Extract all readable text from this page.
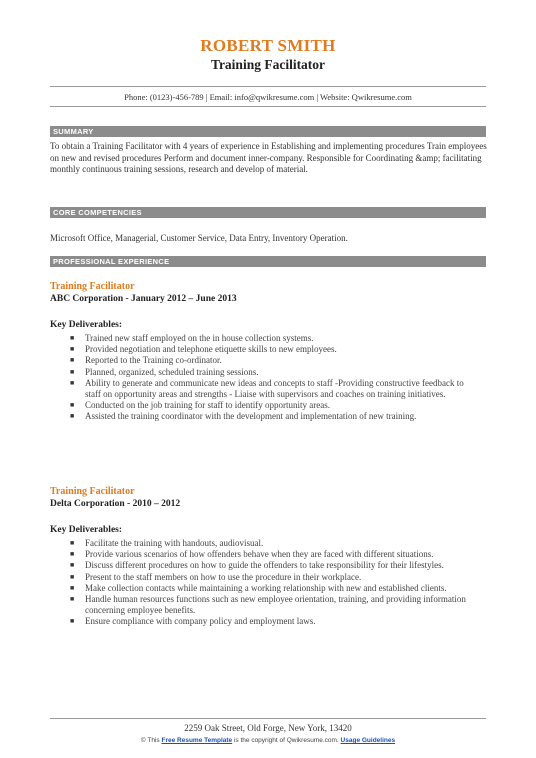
ROBERT SMITH
Training Facilitator
Phone: (0123)-456-789 | Email: info@qwikresume.com | Website: Qwikresume.com
SUMMARY
To obtain a Training Facilitator with 4 years of experience in Establishing and implementing procedures Train employees on new and revised procedures Perform and document inner-company. Responsible for Coordinating &amp; facilitating monthly continuous training sessions, research and develop of material.
CORE COMPETENCIES
Microsoft Office, Managerial, Customer Service, Data Entry, Inventory Operation.
PROFESSIONAL EXPERIENCE
Training Facilitator
ABC Corporation - January 2012 – June 2013
Key Deliverables:
■ Trained new staff employed on the in house collection systems.
■ Provided negotiation and telephone etiquette skills to new employees.
■ Reported to the Training co-ordinator.
■ Planned, organized, scheduled training sessions.
■ Ability to generate and communicate new ideas and concepts to staff -Providing constructive feedback to staff on opportunity areas and strengths - Liaise with supervisors and coaches on training initiatives.
■ Conducted on the job training for staff to identify opportunity areas.
■ Assisted the training coordinator with the development and implementation of new training.
Training Facilitator
Delta Corporation - 2010 – 2012
Key Deliverables:
■ Facilitate the training with handouts, audiovisual.
■ Provide various scenarios of how offenders behave when they are faced with different situations.
■ Discuss different procedures on how to guide the offenders to take responsibility for their lifestyles.
■ Present to the staff members on how to use the procedure in their workplace.
■ Make collection contacts while maintaining a working relationship with new and established clients.
■ Handle human resources functions such as new employee orientation, training, and providing information concerning employee benefits.
■ Ensure compliance with company policy and employment laws.
2259 Oak Street, Old Forge, New York, 13420
© This Free Resume Template is the copyright of Qwikresume.com. Usage Guidelines
